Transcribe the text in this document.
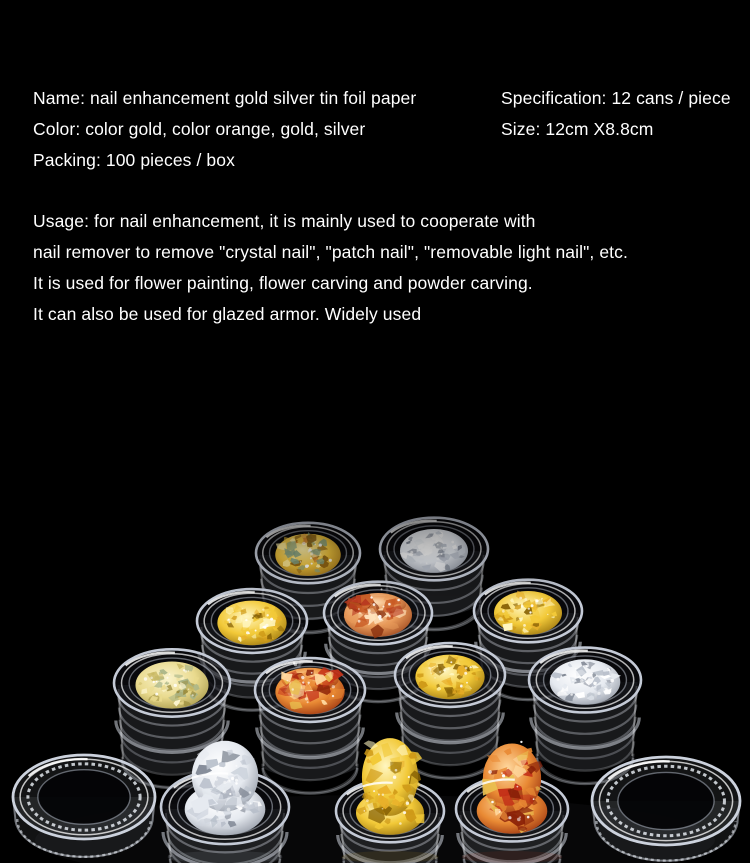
Name: nail enhancement gold silver tin foil paper

Color: color gold, color orange, gold, silver

Packing: 100 pieces / box

Specification: 12 cans / piece

Size: 12cm X8.8cm

Usage: for nail enhancement, it is mainly used to cooperate with

nail remover to remove "crystal nail", "patch nail", "removable light nail", etc.

It is used for flower painting, flower carving and powder carving.

It can also be used for glazed armor. Widely used
